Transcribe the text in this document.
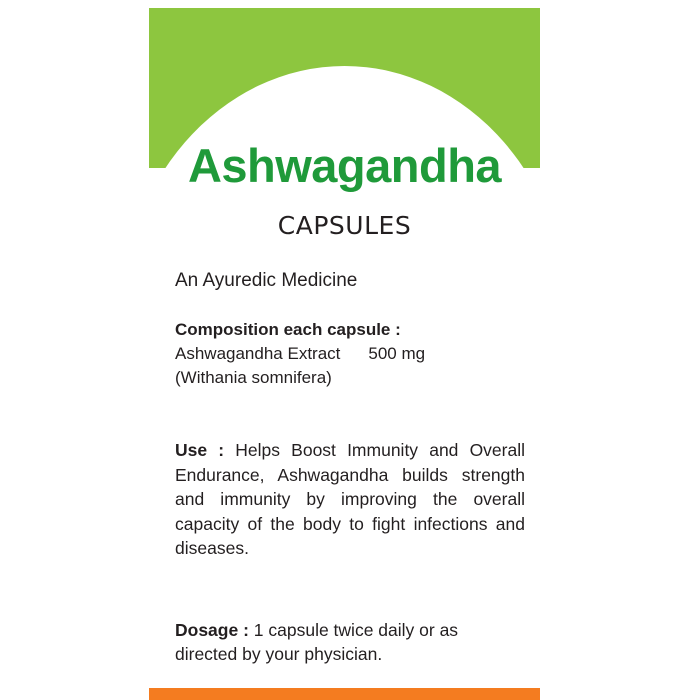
Ashwagandha
CAPSULES
An Ayuredic Medicine
Composition each capsule :
Ashwagandha Extract 500 mg
(Withania somnifera)
Use : Helps Boost Immunity and Overall Endurance, Ashwagandha builds strength and immunity by improving the overall capacity of the body to fight infections and diseases.
Dosage : 1 capsule twice daily or as directed by your physician.
